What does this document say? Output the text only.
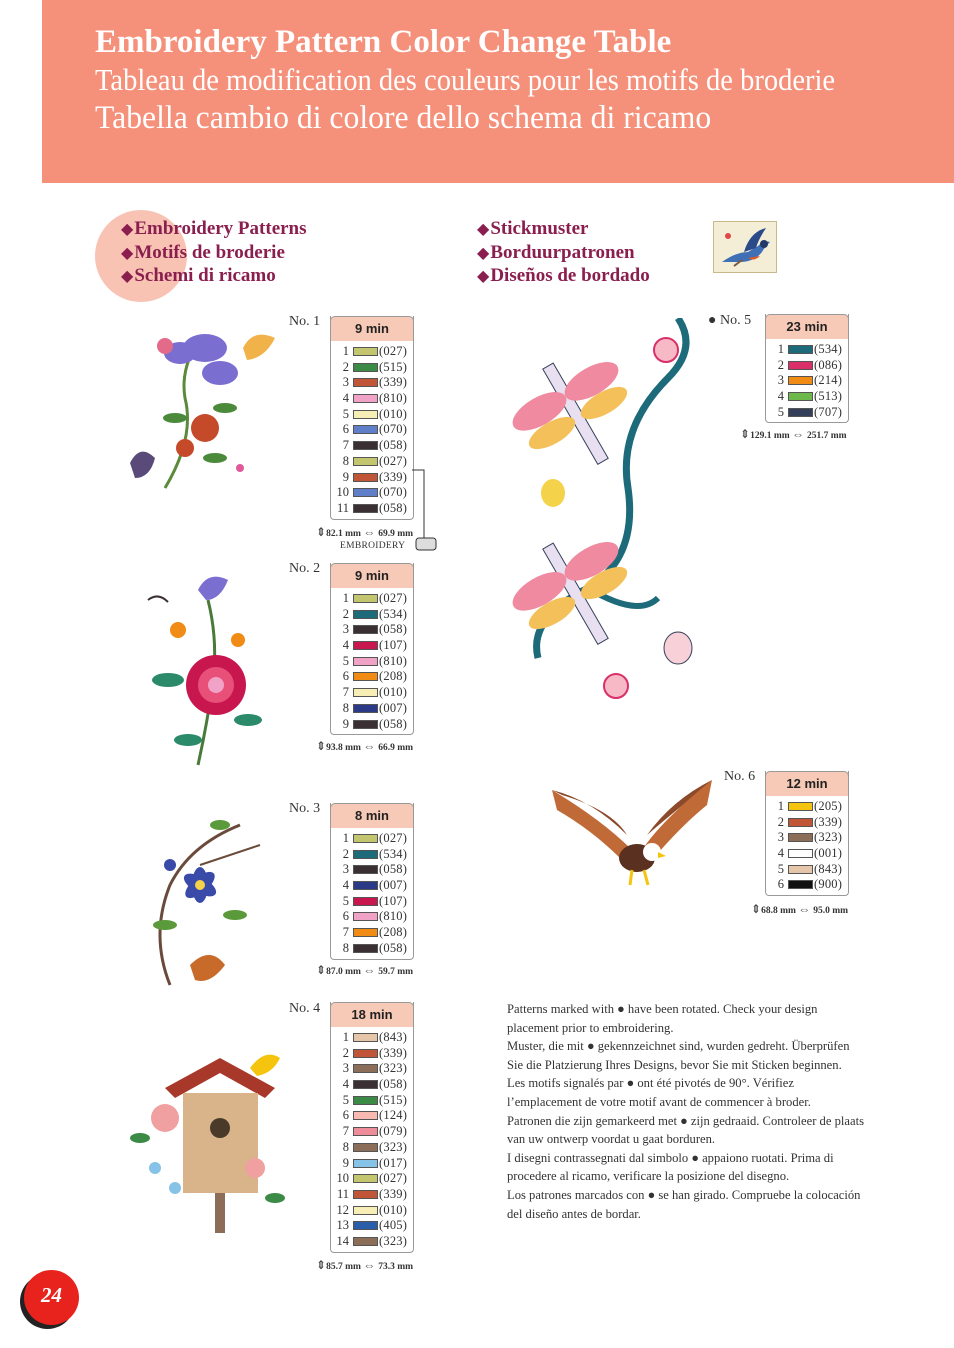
Embroidery Pattern Color Change Table
Tableau de modification des couleurs pour les motifs de broderie
Tabella cambio di colore dello schema di ricamo
◆Embroidery Patterns
◆Motifs de broderie
◆Schemi di ricamo
◆Stickmuster
◆Borduurpatronen
◆Diseños de bordado
No. 1	9 min
1 (027)
2 (515)
3 (339)
4 (810)
5 (010)
6 (070)
7 (058)
8 (027)
9 (339)
10 (070)
11 (058)
⇕82.1 mm ⇔ 69.9 mm
EMBROIDERY
No. 2	9 min
1 (027)
2 (534)
3 (058)
4 (107)
5 (810)
6 (208)
7 (010)
8 (007)
9 (058)
⇕93.8 mm ⇔ 66.9 mm
No. 3	8 min
1 (027)
2 (534)
3 (058)
4 (007)
5 (107)
6 (810)
7 (208)
8 (058)
⇕87.0 mm ⇔ 59.7 mm
No. 4	18 min
1 (843)
2 (339)
3 (323)
4 (058)
5 (515)
6 (124)
7 (079)
8 (323)
9 (017)
10 (027)
11 (339)
12 (010)
13 (405)
14 (323)
⇕85.7 mm ⇔ 73.3 mm
● No. 5	23 min
1 (534)
2 (086)
3 (214)
4 (513)
5 (707)
⇕129.1 mm ⇔ 251.7 mm
No. 6	12 min
1 (205)
2 (339)
3 (323)
4 (001)
5 (843)
6 (900)
⇕68.8 mm ⇔ 95.0 mm

Patterns marked with ● have been rotated. Check your design placement prior to embroidering.

Muster, die mit ● gekennzeichnet sind, wurden gedreht. Überprüfen Sie die Platzierung Ihres Designs, bevor Sie mit Sticken beginnen.

Les motifs signalés par ● ont été pivotés de 90°. Vérifiez l’emplacement de votre motif avant de commencer à broder.

Patronen die zijn gemarkeerd met ● zijn gedraaid. Controleer de plaats van uw ontwerp voordat u gaat borduren.

I disegni contrassegnati dal simbolo ● appaiono ruotati. Prima di procedere al ricamo, verificare la posizione del disegno.

Los patrones marcados con ● se han girado. Compruebe la colocación del diseño antes de bordar.

24
